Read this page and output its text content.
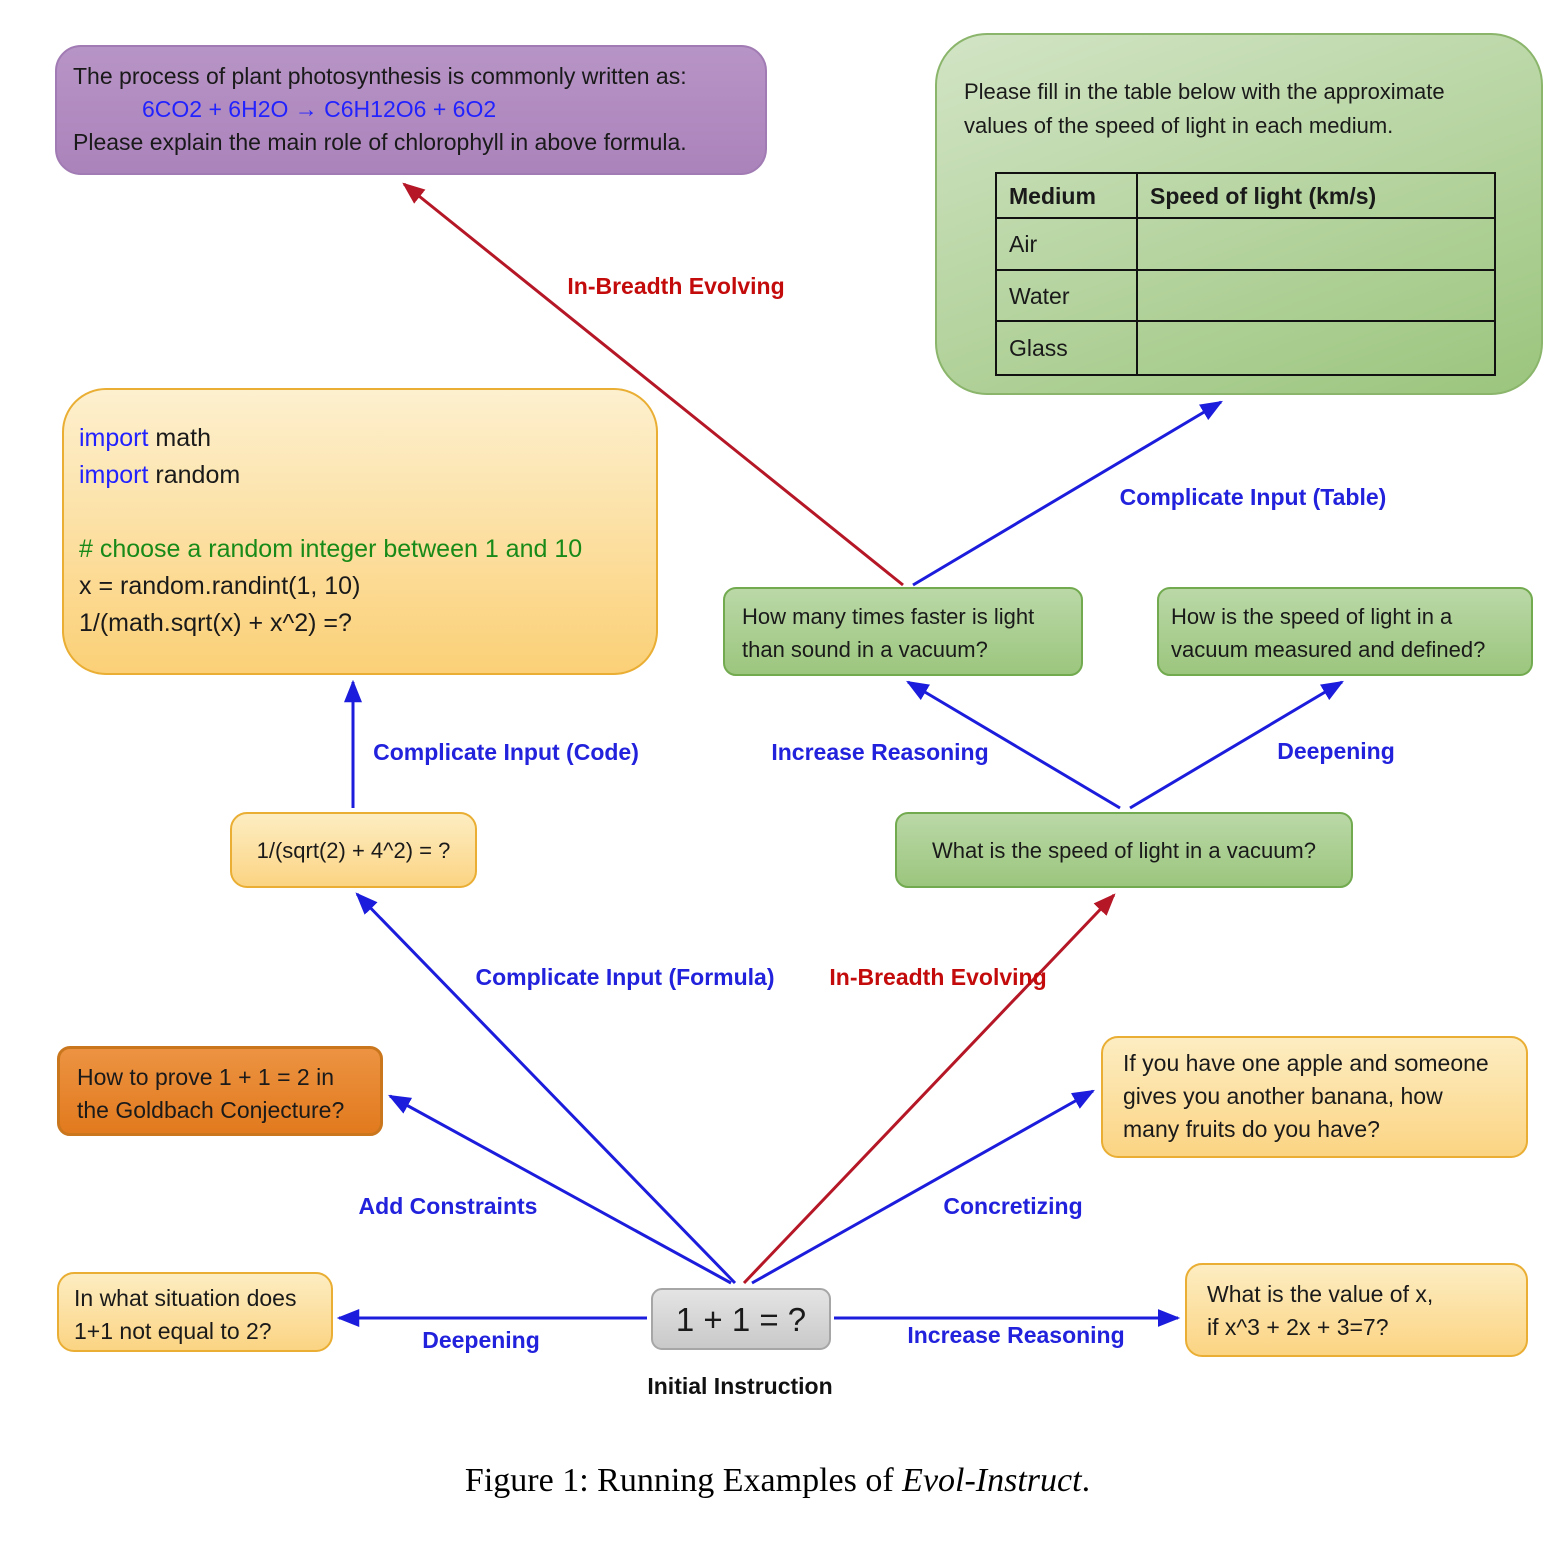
The process of plant photosynthesis is commonly written as:
6CO2 + 6H2O → C6H12O6 + 6O2
Please explain the main role of chlorophyll in above formula.
Please fill in the table below with the approximate
values of the speed of light in each medium.
Medium	Speed of light (km/s)
Air	
Water	
Glass	
import math
import random
# choose a random integer between 1 and 10
x = random.randint(1, 10)
1/(math.sqrt(x) + x^2) =?	How many times faster is light
than sound in a vacuum?
How is the speed of light in a
vacuum measured and defined?
What is the speed of light in a vacuum?
1/(sqrt(2) + 4^2) = ?
How to prove 1 + 1 = 2 in
the Goldbach Conjecture?
If you have one apple and someone
gives you another banana, how
many fruits do you have?
In what situation does
1+1 not equal to 2?
What is the value of x,
if x^3 + 2x + 3=7?
1 + 1 = ?
Initial Instruction
In-Breadth Evolving
Complicate Input (Table)
Complicate Input (Code)	Increase Reasoning	Deepening
Complicate Input (Formula) In-Breadth Evolving
Add Constraints	Concretizing
Deepening	Increase Reasoning
Figure 1: Running Examples of Evol-Instruct.
